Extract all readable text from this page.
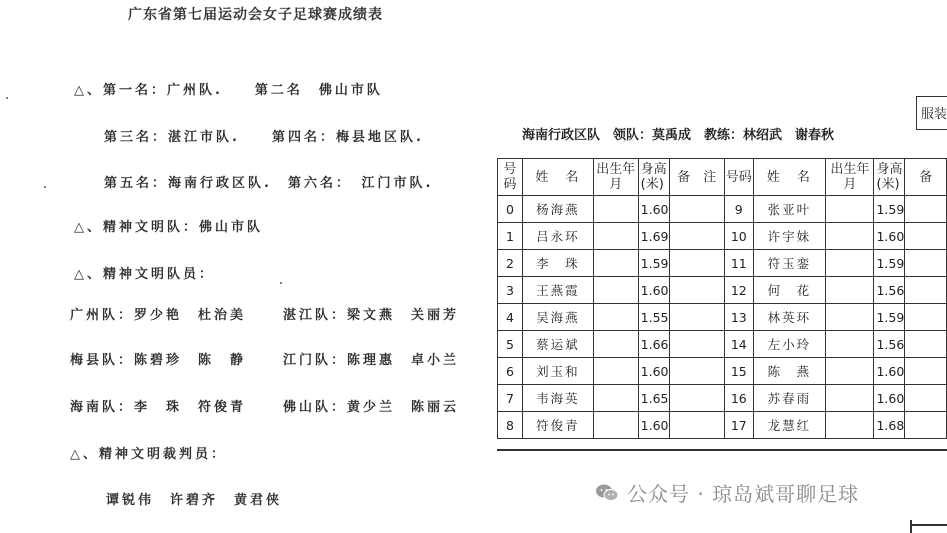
广东省第七届运动会女子足球赛成绩表
△、第一名：广州队.　　第二名　佛山市队
第三名：湛江市队.　　第四名：梅县地区队.
第五名：海南行政区队.　第六名：　江门市队.
△、精神文明队：佛山市队
△、精神文明队员：
广州队：罗少艳　杜治美	湛江队：梁文燕　关丽芳
梅县队：陈碧珍　陈　静	江门队：陈理惠　卓小兰
海南队：李　珠　符俊青	佛山队：黄少兰　陈丽云
△、精神文明裁判员：
谭锐伟　许碧齐　黄君侠
服装
海南行政区队　领队：莫禹成　教练：林绍武　谢春秋
号码	姓　名	出生年月	身高(米)	备　注	号码	姓　名	出生年月	身高(米)	备
0	杨海燕		1.60		9	张亚叶		1.59	
1	吕永环		1.69		10	许宇妹		1.60	
2	李　珠		1.59		11	符玉銮		1.59	
3	王燕霞		1.60		12	何　花		1.56	
4	吴海燕		1.55		13	林英环		1.59	
5	蔡运斌		1.66		14	左小玲		1.56	
6	刘玉和		1.60		15	陈　燕		1.60	
7	韦海英		1.65		16	苏春雨		1.60	
8	符俊青		1.60		17	龙慧红		1.68	
公众号 · 琼岛斌哥聊足球
